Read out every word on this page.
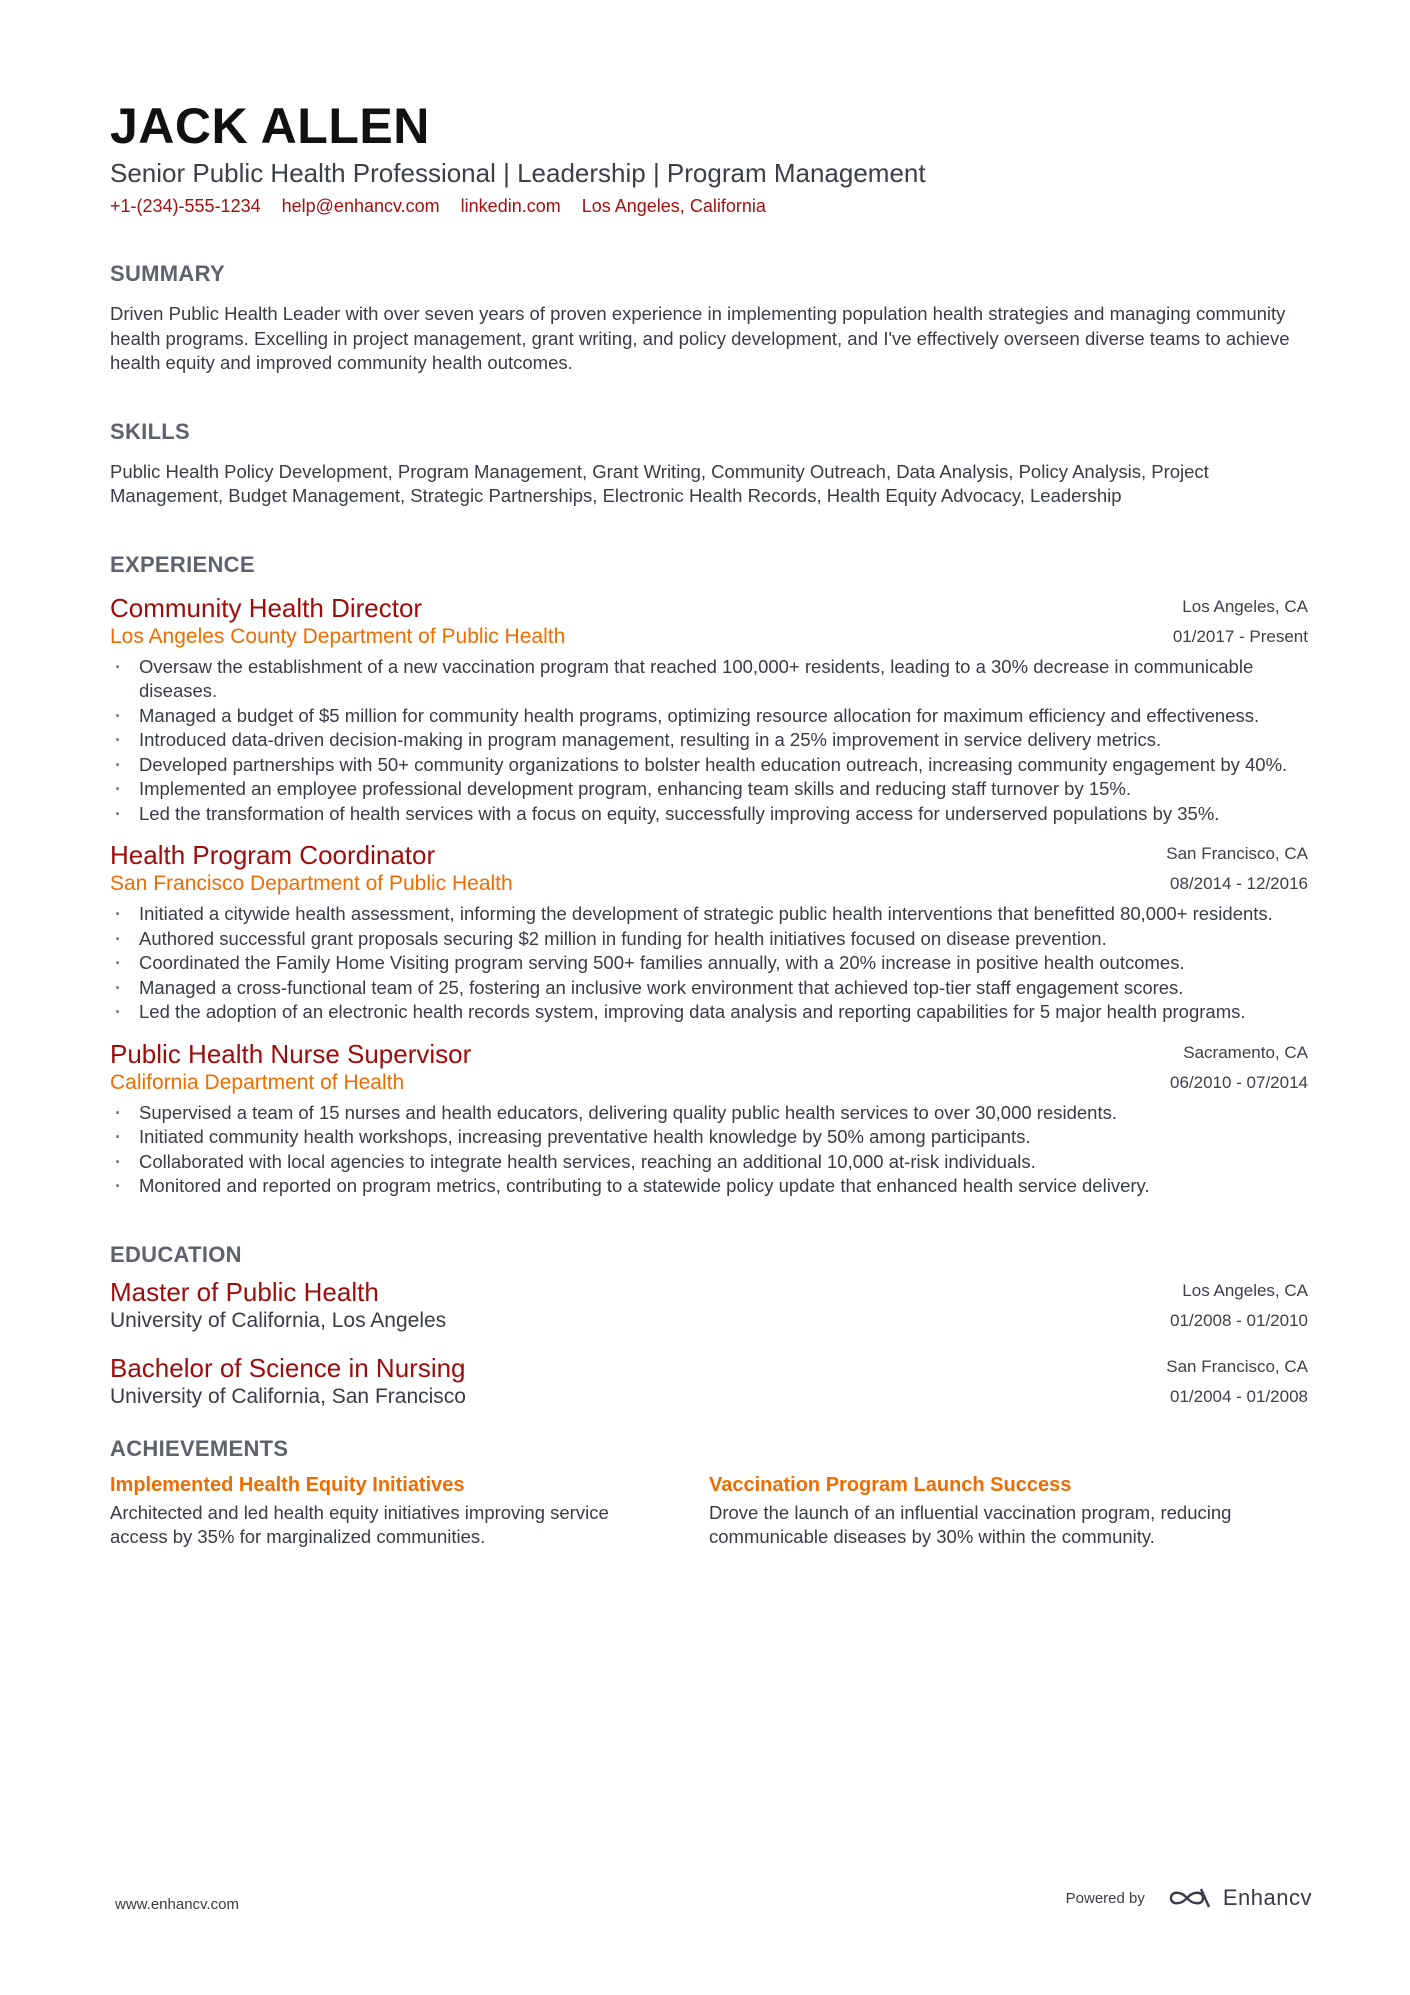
JACK ALLEN
Senior Public Health Professional | Leadership | Program Management
+1-(234)-555-1234 help@enhancv.com linkedin.com Los Angeles, California
SUMMARY
Driven Public Health Leader with over seven years of proven experience in implementing population health strategies and managing community health programs. Excelling in project management, grant writing, and policy development, and I've effectively overseen diverse teams to achieve health equity and improved community health outcomes.
SKILLS
Public Health Policy Development, Program Management, Grant Writing, Community Outreach, Data Analysis, Policy Analysis, Project Management, Budget Management, Strategic Partnerships, Electronic Health Records, Health Equity Advocacy, Leadership
EXPERIENCE
Community Health Director
Los Angeles County Department of Public Health
Los Angeles, CA
01/2017 - Present
· Oversaw the establishment of a new vaccination program that reached 100,000+ residents, leading to a 30% decrease in communicable diseases.
· Managed a budget of $5 million for community health programs, optimizing resource allocation for maximum efficiency and effectiveness.
· Introduced data-driven decision-making in program management, resulting in a 25% improvement in service delivery metrics.
· Developed partnerships with 50+ community organizations to bolster health education outreach, increasing community engagement by 40%.
· Implemented an employee professional development program, enhancing team skills and reducing staff turnover by 15%.
· Led the transformation of health services with a focus on equity, successfully improving access for underserved populations by 35%.
Health Program Coordinator
San Francisco Department of Public Health
San Francisco, CA
08/2014 - 12/2016
· Initiated a citywide health assessment, informing the development of strategic public health interventions that benefitted 80,000+ residents.
· Authored successful grant proposals securing $2 million in funding for health initiatives focused on disease prevention.
· Coordinated the Family Home Visiting program serving 500+ families annually, with a 20% increase in positive health outcomes.
· Managed a cross-functional team of 25, fostering an inclusive work environment that achieved top-tier staff engagement scores.
· Led the adoption of an electronic health records system, improving data analysis and reporting capabilities for 5 major health programs.
Public Health Nurse Supervisor
California Department of Health
Sacramento, CA
06/2010 - 07/2014
· Supervised a team of 15 nurses and health educators, delivering quality public health services to over 30,000 residents.
· Initiated community health workshops, increasing preventative health knowledge by 50% among participants.
· Collaborated with local agencies to integrate health services, reaching an additional 10,000 at-risk individuals.
· Monitored and reported on program metrics, contributing to a statewide policy update that enhanced health service delivery.
EDUCATION
Master of Public Health
University of California, Los Angeles
Los Angeles, CA
01/2008 - 01/2010
Bachelor of Science in Nursing
University of California, San Francisco
San Francisco, CA
01/2004 - 01/2008
ACHIEVEMENTS
Implemented Health Equity Initiatives
Architected and led health equity initiatives improving service access by 35% for marginalized communities.
Vaccination Program Launch Success
Drove the launch of an influential vaccination program, reducing communicable diseases by 30% within the community.
www.enhancv.com	Powered by	Enhancv
